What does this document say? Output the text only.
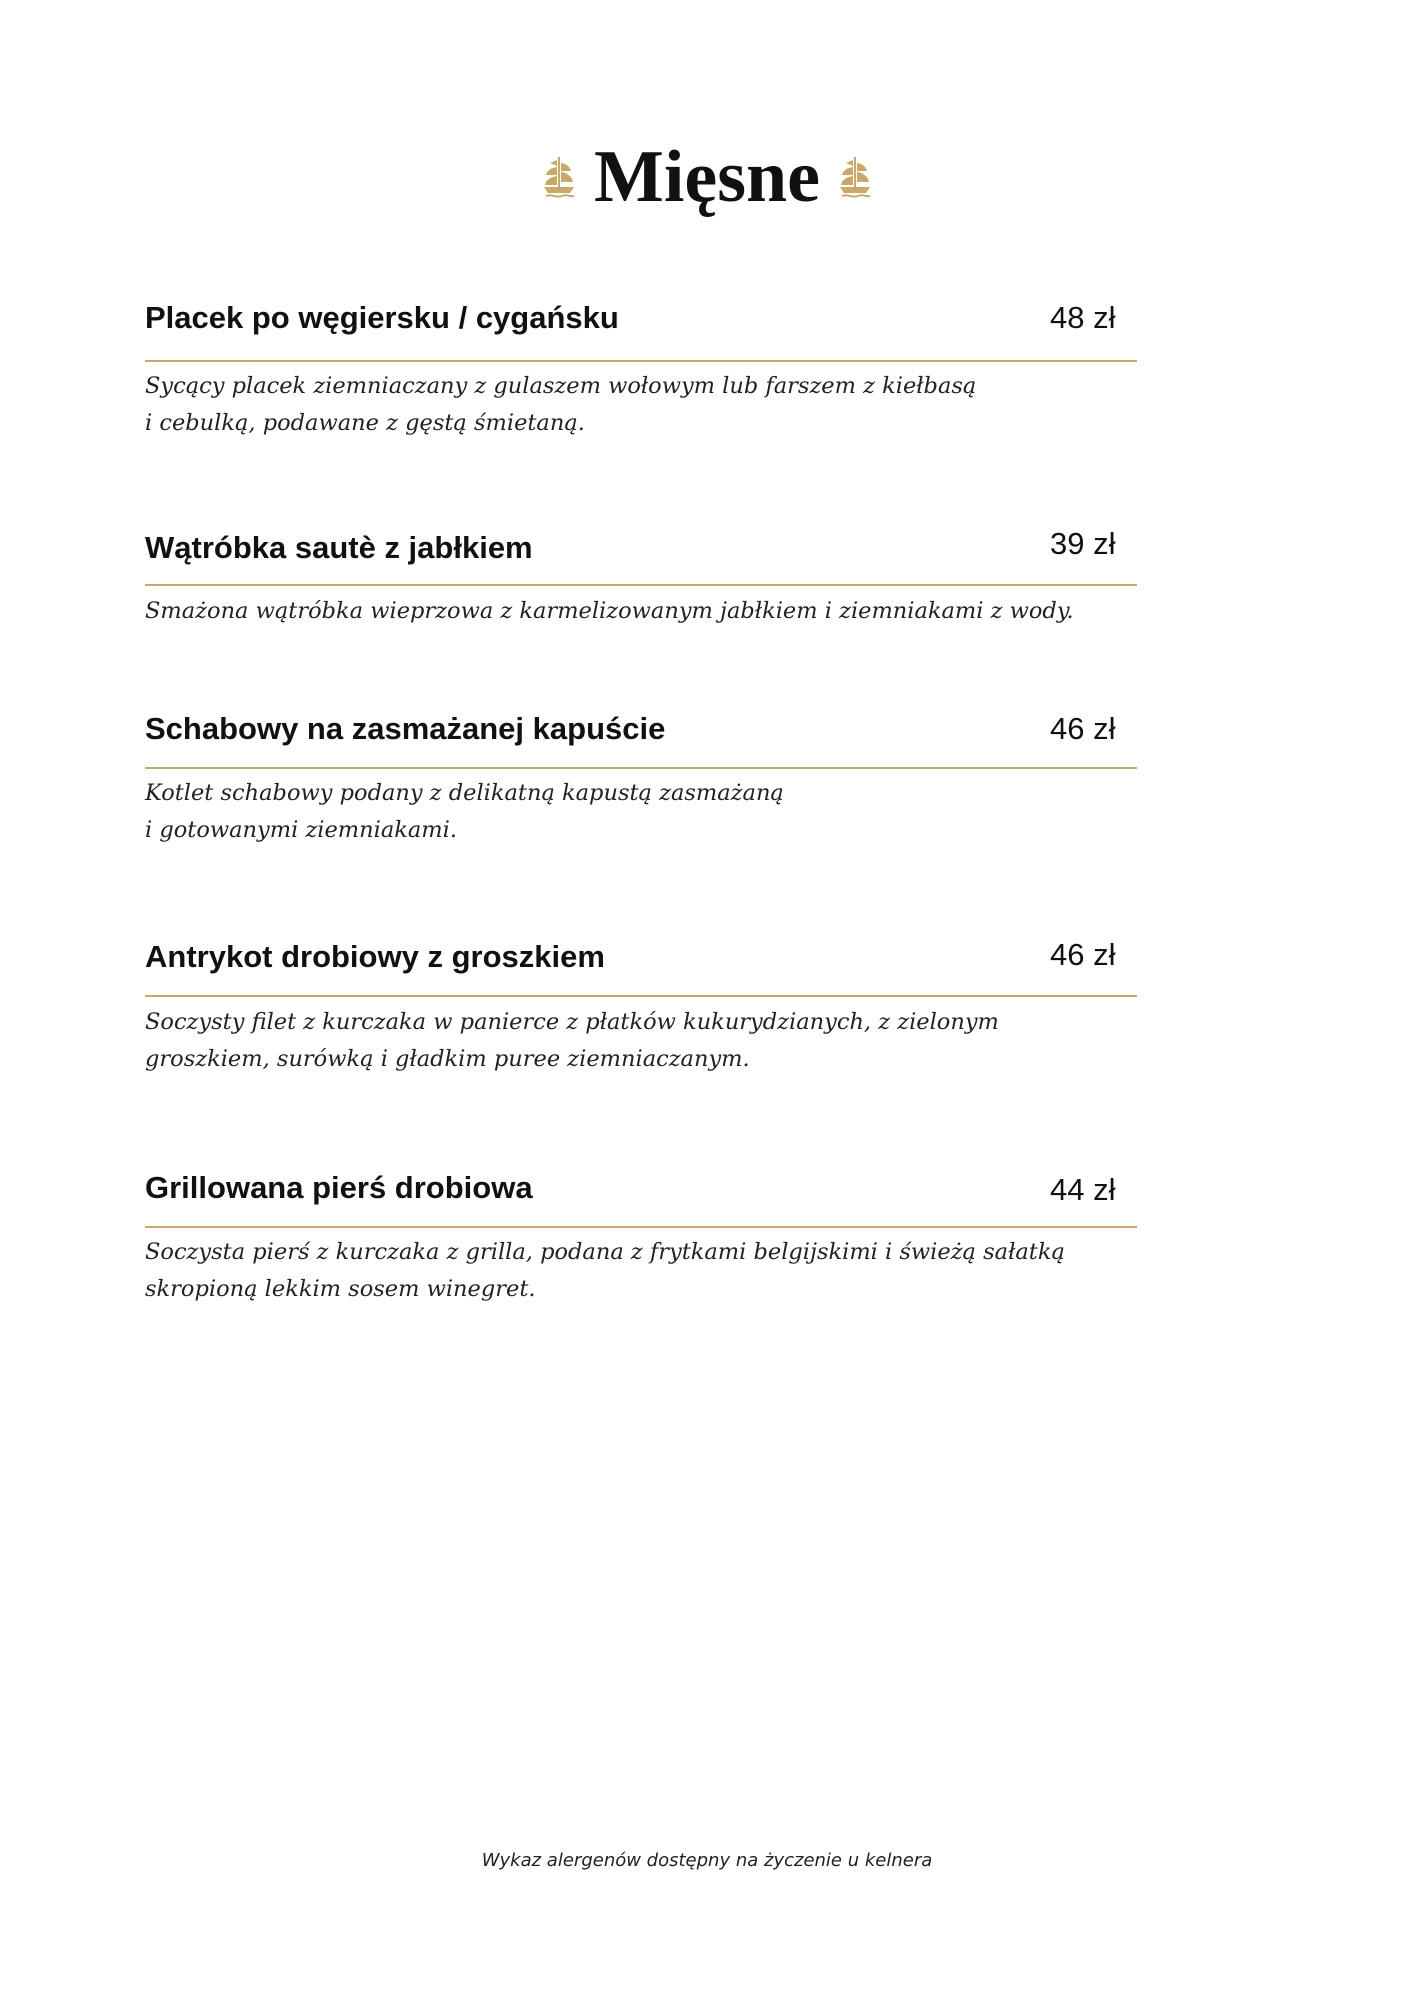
Mięsne
Placek po węgiersku / cygańsku	48 zł
Sycący placek ziemniaczany z gulaszem wołowym lub farszem z kiełbasą
i cebulką, podawane z gęstą śmietaną.
Wątróbka sautè z jabłkiem	39 zł
Smażona wątróbka wieprzowa z karmelizowanym jabłkiem i ziemniakami z wody.
Schabowy na zasmażanej kapuście	46 zł
Kotlet schabowy podany z delikatną kapustą zasmażaną
i gotowanymi ziemniakami.
Antrykot drobiowy z groszkiem	46 zł
Soczysty filet z kurczaka w panierce z płatków kukurydzianych, z zielonym
groszkiem, surówką i gładkim puree ziemniaczanym.
Grillowana pierś drobiowa	44 zł
Soczysta pierś z kurczaka z grilla, podana z frytkami belgijskimi i świeżą sałatką
skropioną lekkim sosem winegret.
Wykaz alergenów dostępny na życzenie u kelnera
